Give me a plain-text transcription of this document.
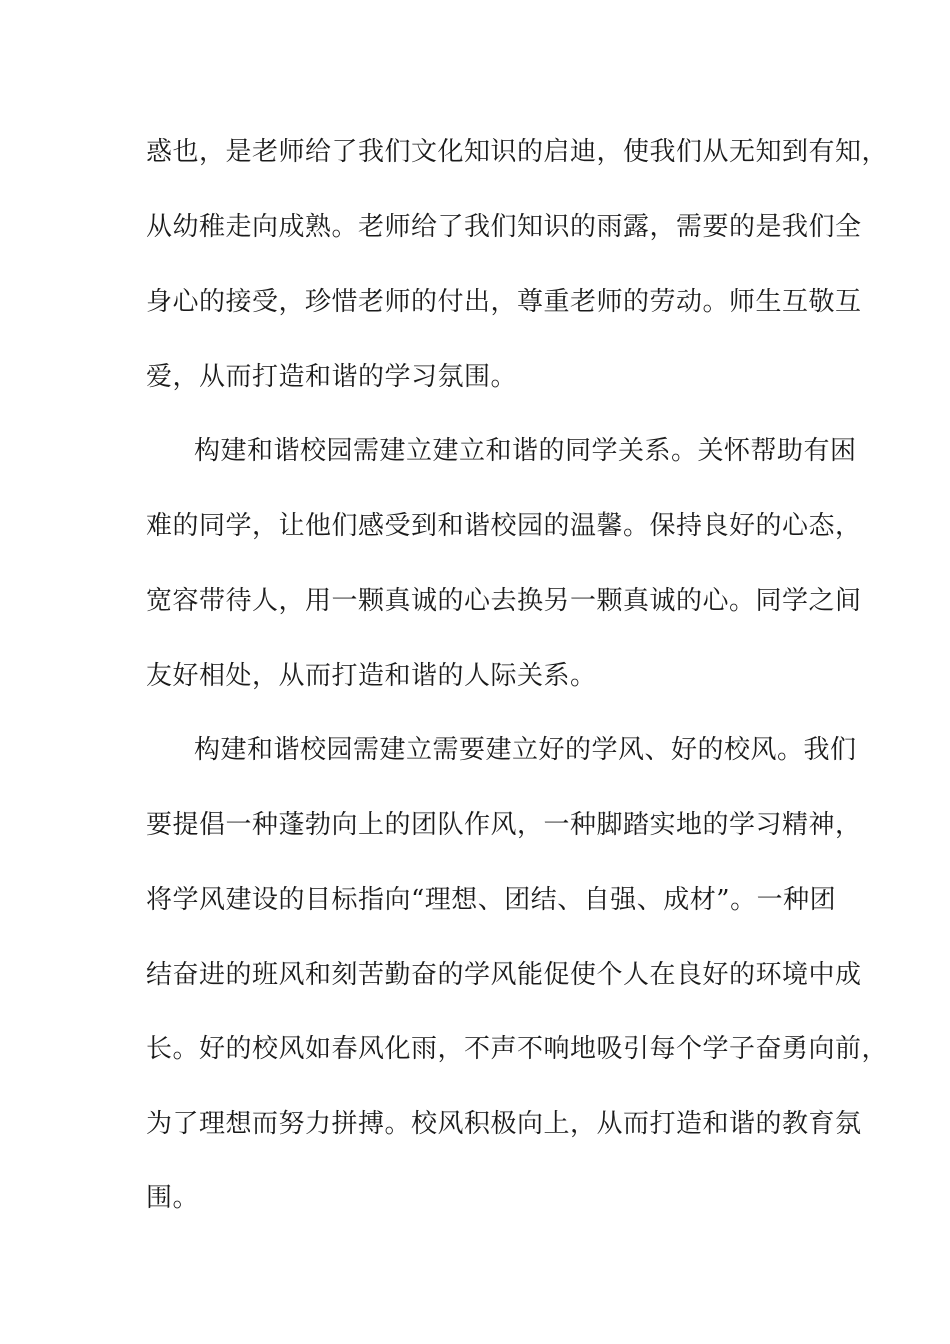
惑也，是老师给了我们文化知识的启迪，使我们从无知到有知，

从幼稚走向成熟。老师给了我们知识的雨露，需要的是我们全

身心的接受，珍惜老师的付出，尊重老师的劳动。师生互敬互

爱，从而打造和谐的学习氛围。

构建和谐校园需建立建立和谐的同学关系。关怀帮助有困

难的同学，让他们感受到和谐校园的温馨。保持良好的心态，

宽容带待人，用一颗真诚的心去换另一颗真诚的心。同学之间

友好相处，从而打造和谐的人际关系。

构建和谐校园需建立需要建立好的学风、好的校风。我们

要提倡一种蓬勃向上的团队作风，一种脚踏实地的学习精神，

将学风建设的目标指向“理想、团结、自强、成材”。一种团

结奋进的班风和刻苦勤奋的学风能促使个人在良好的环境中成

长。好的校风如春风化雨，不声不响地吸引每个学子奋勇向前，

为了理想而努力拼搏。校风积极向上，从而打造和谐的教育氛

围。
